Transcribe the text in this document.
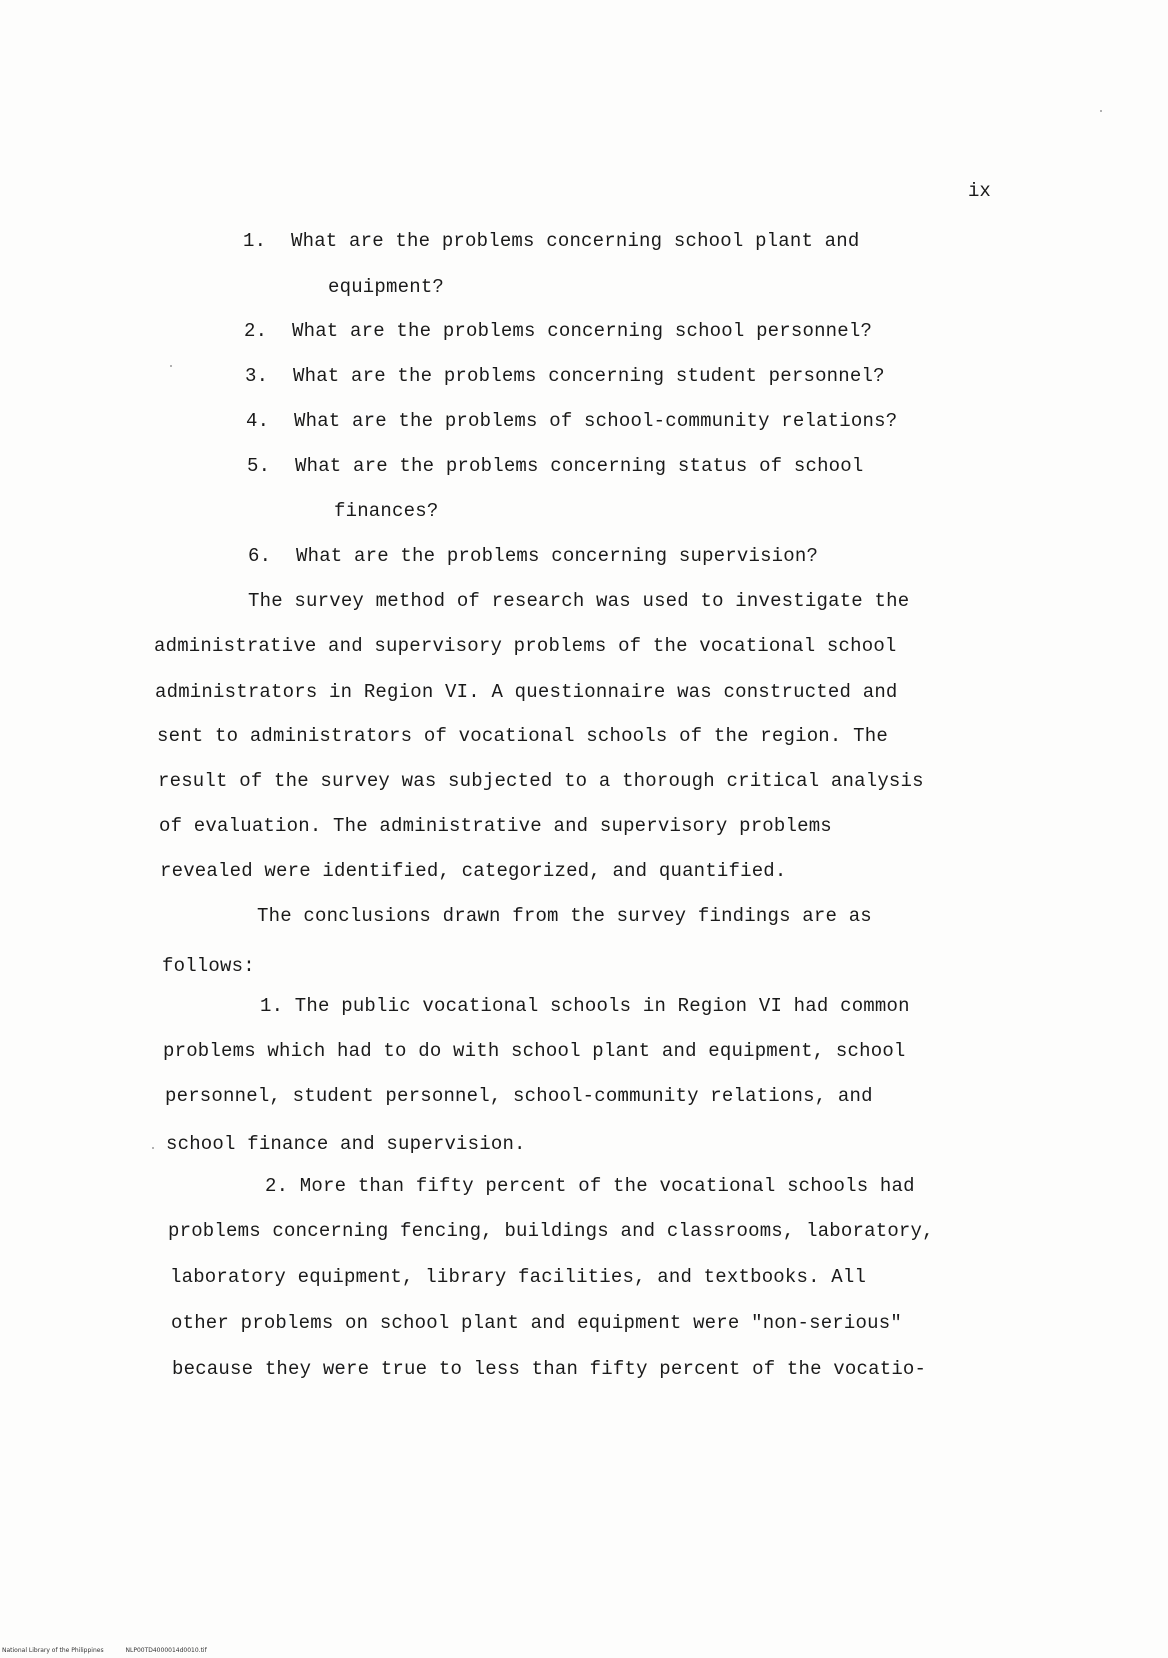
ix
1. What are the problems concerning school plant and
equipment?
2. What are the problems concerning school personnel?
3. What are the problems concerning student personnel?
4. What are the problems of school-community relations?
5. What are the problems concerning status of school
finances?
6. What are the problems concerning supervision?
The survey method of research was used to investigate the
administrative and supervisory problems of the vocational school
administrators in Region VI. A questionnaire was constructed and
sent to administrators of vocational schools of the region. The
result of the survey was subjected to a thorough critical analysis
of evaluation. The administrative and supervisory problems
revealed were identified, categorized, and quantified.
The conclusions drawn from the survey findings are as
follows:
1. The public vocational schools in Region VI had common
problems which had to do with school plant and equipment, school
personnel, student personnel, school-community relations, and
school finance and supervision.
2. More than fifty percent of the vocational schools had
problems concerning fencing, buildings and classrooms, laboratory,
laboratory equipment, library facilities, and textbooks. All
other problems on school plant and equipment were "non-serious"
because they were true to less than fifty percent of the vocatio-
National Library of the Philippines	NLP00TD4000014d0010.tif
